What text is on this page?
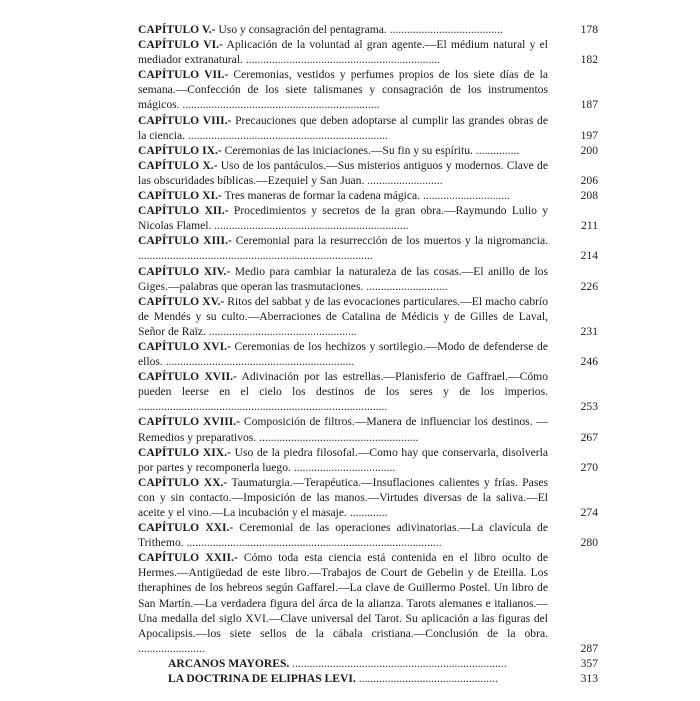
CAPÍTULO V.- Uso y consagración del pentagrama. .......................................	178

CAPÍTULO VI.- Aplicación de la voluntad al gran agente.—El médium natural y el mediador extranatural. ...................................................................	182

CAPÍTULO VII.- Ceremonias, vestidos y perfumes propios de los siete días de la semana.—Confección de los siete talismanes y consagración de los instrumentos mágicos. ....................................................................	187

CAPÍTULO VIII.- Precauciones que deben adoptarse al cumplir las grandes obras de la ciencia. .....................................................................	197

CAPÍTULO IX.- Ceremonias de las iniciaciones.—Su fin y su espíritu. ...............	200

CAPÍTULO X.- Uso de los pantáculos.—Sus misterios antiguos y modernos. Clave de las obscuridades bíblicas.—Ezequiel y San Juan. ..........................	206

CAPÍTULO XI.- Tres maneras de formar la cadena mágica. ..............................	208

CAPÍTULO XII.- Procedimientos y secretos de la gran obra.—Raymundo Lulio y Nicolas Flamel. ...................................................................	211

CAPÍTULO XIII.- Ceremonial para la resurrección de los muertos y la nigromancia. .................................................................................	214

CAPÍTULO XIV.- Medio para cambiar la naturaleza de las cosas.—El anillo de los Giges.—palabras que operan las trasmutaciones. ............................	226

CAPÍTULO XV.- Ritos del sabbat y de las evocaciones particulares.—El macho cabrío de Mendés y su culto.—Aberraciones de Catalina de Médicis y de Gilles de Laval, Señor de Raïz. ...................................................	231

CAPÍTULO XVI.- Ceremonias de los hechizos y sortilegio.—Modo de defenderse de ellos. .................................................................	246

CAPÍTULO XVII.- Adivinación por las estrellas.—Planisferio de Gaffrael.—Cómo pueden leerse en el cielo los destinos de los seres y de los imperios. ......................................................................................	253

CAPÍTULO XVIII.- Composición de filtros.—Manera de influenciar los destinos. — Remedios y preparativos. .......................................................	267

CAPÍTULO XIX.- Uso de la piedra filosofal.—Como hay que conservarla, disolverla por partes y recomponerla luego. ...................................	270

CAPÍTULO XX.- Taumaturgia.—Terapéutica.—Insuflaciones calientes y frías. Pases con y sin contacto.—Imposición de las manos.—Virtudes diversas de la saliva.—El aceite y el vino.—La incubación y el masaje. .............	274

CAPÍTULO XXI.- Ceremonial de las operaciones adivinatorias.—La clavícula de Trithemo. ........................................................................................	280

CAPÍTULO XXII.- Cómo toda esta ciencia está contenida en el libro oculto de Hermes.—Antigüedad de este libro.—Trabajos de Court de Gebelin y de Eteilla. Los theraphines de los hebreos según Gaffarel.—La clave de Guillermo Postel. Un libro de San Martín.—La verdadera figura del árca de la alianza. Tarots alemanes e italianos.—Una medalla del siglo XVI.—Clave universal del Tarot. Su aplicación a las figuras del Apocalipsis.—los siete sellos de la cábala cristiana.—Conclusión de la obra. .......................	287

ARCANOS MAYORES. ..........................................................................	357

LA DOCTRINA DE ELIPHAS LEVI. ................................................	313
